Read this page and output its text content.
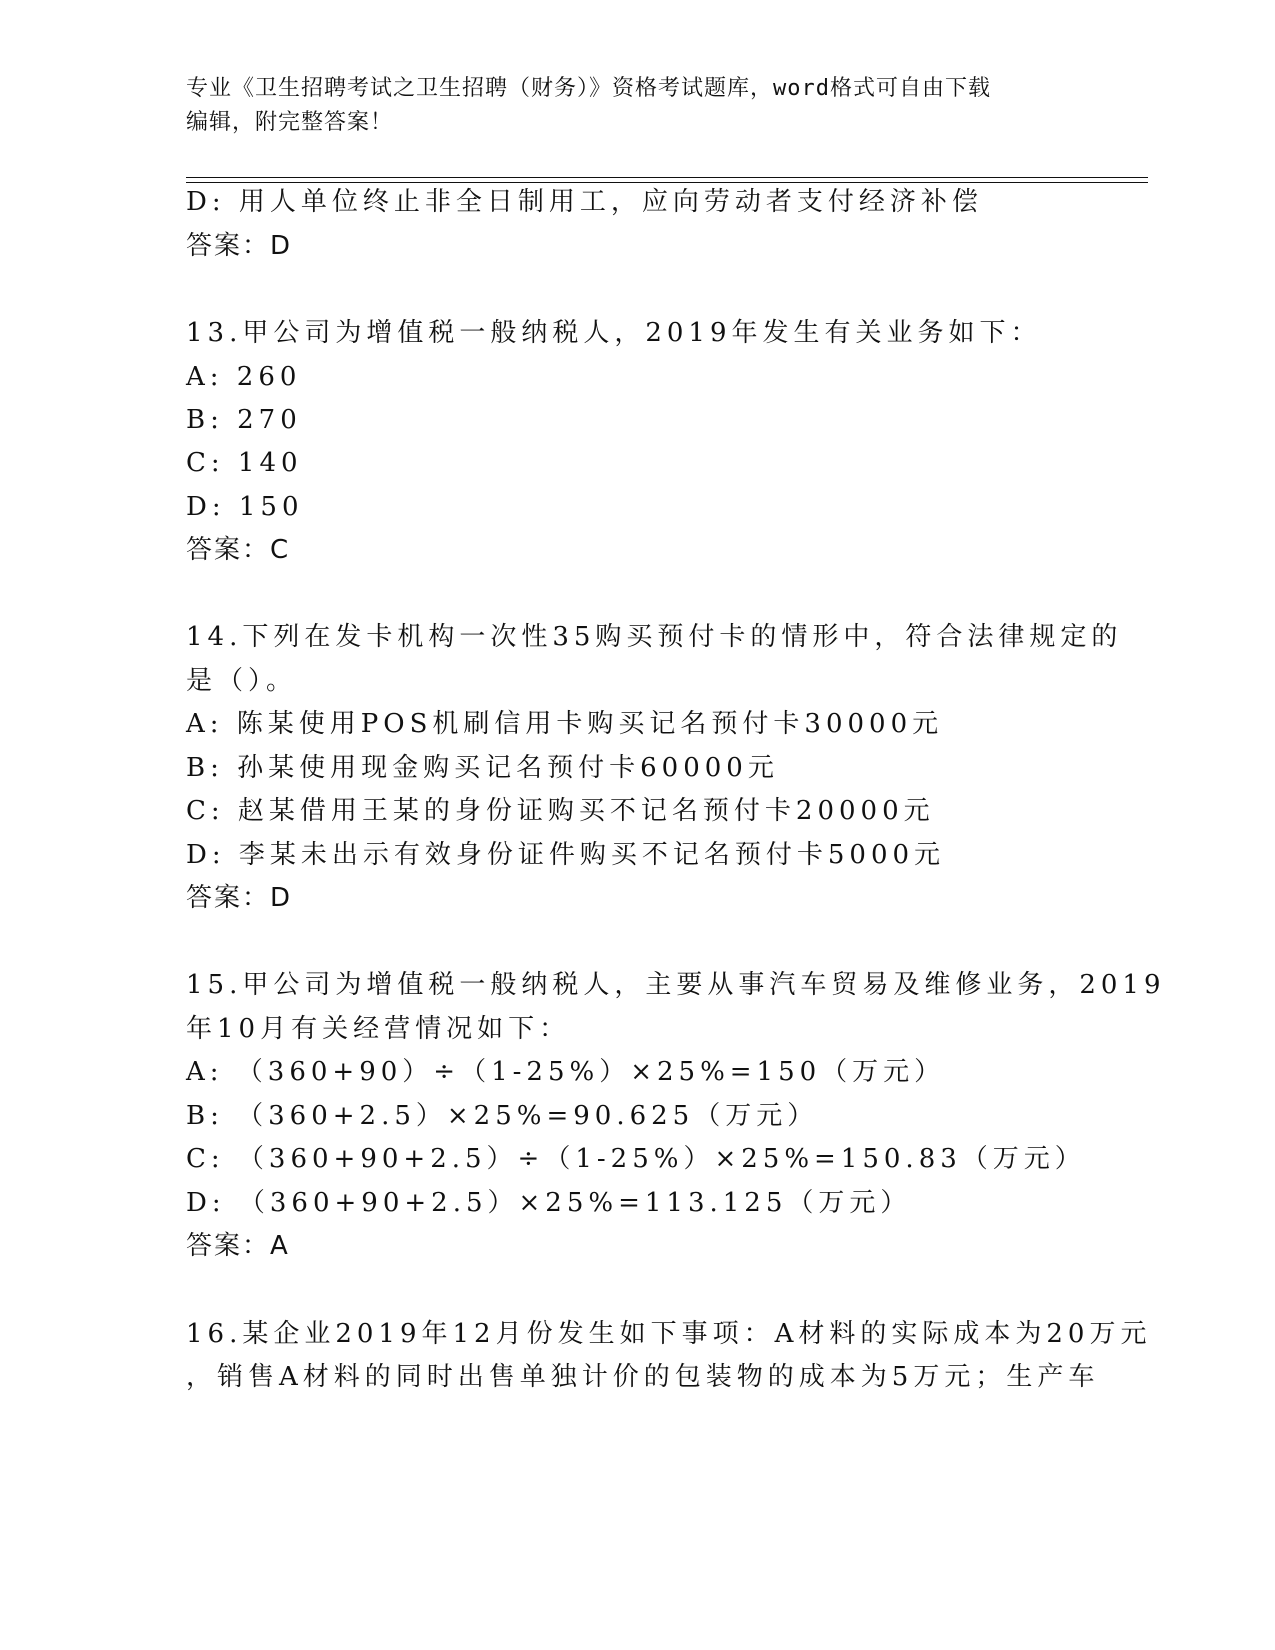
专业《卫生招聘考试之卫生招聘（财务）》资格考试题库，word格式可自由下载
编辑，附完整答案！
D: 用人单位终止非全日制用工，应向劳动者支付经济补偿
答案：D
13.甲公司为增值税一般纳税人，2019年发生有关业务如下：
A: 260
B: 270
C: 140
D: 150
答案：C
14.下列在发卡机构一次性35购买预付卡的情形中，符合法律规定的
是（）。
A: 陈某使用POS机刷信用卡购买记名预付卡30000元
B: 孙某使用现金购买记名预付卡60000元
C: 赵某借用王某的身份证购买不记名预付卡20000元
D: 李某未出示有效身份证件购买不记名预付卡5000元
答案：D
15.甲公司为增值税一般纳税人，主要从事汽车贸易及维修业务，2019
年10月有关经营情况如下：
A: （360+90）÷（1-25%）×25%=150（万元）
B: （360+2.5）×25%=90.625（万元）
C: （360+90+2.5）÷（1-25%）×25%=150.83（万元）
D: （360+90+2.5）×25%=113.125（万元）
答案：A
16.某企业2019年12月份发生如下事项：A材料的实际成本为20万元
，销售A材料的同时出售单独计价的包装物的成本为5万元；生产车
